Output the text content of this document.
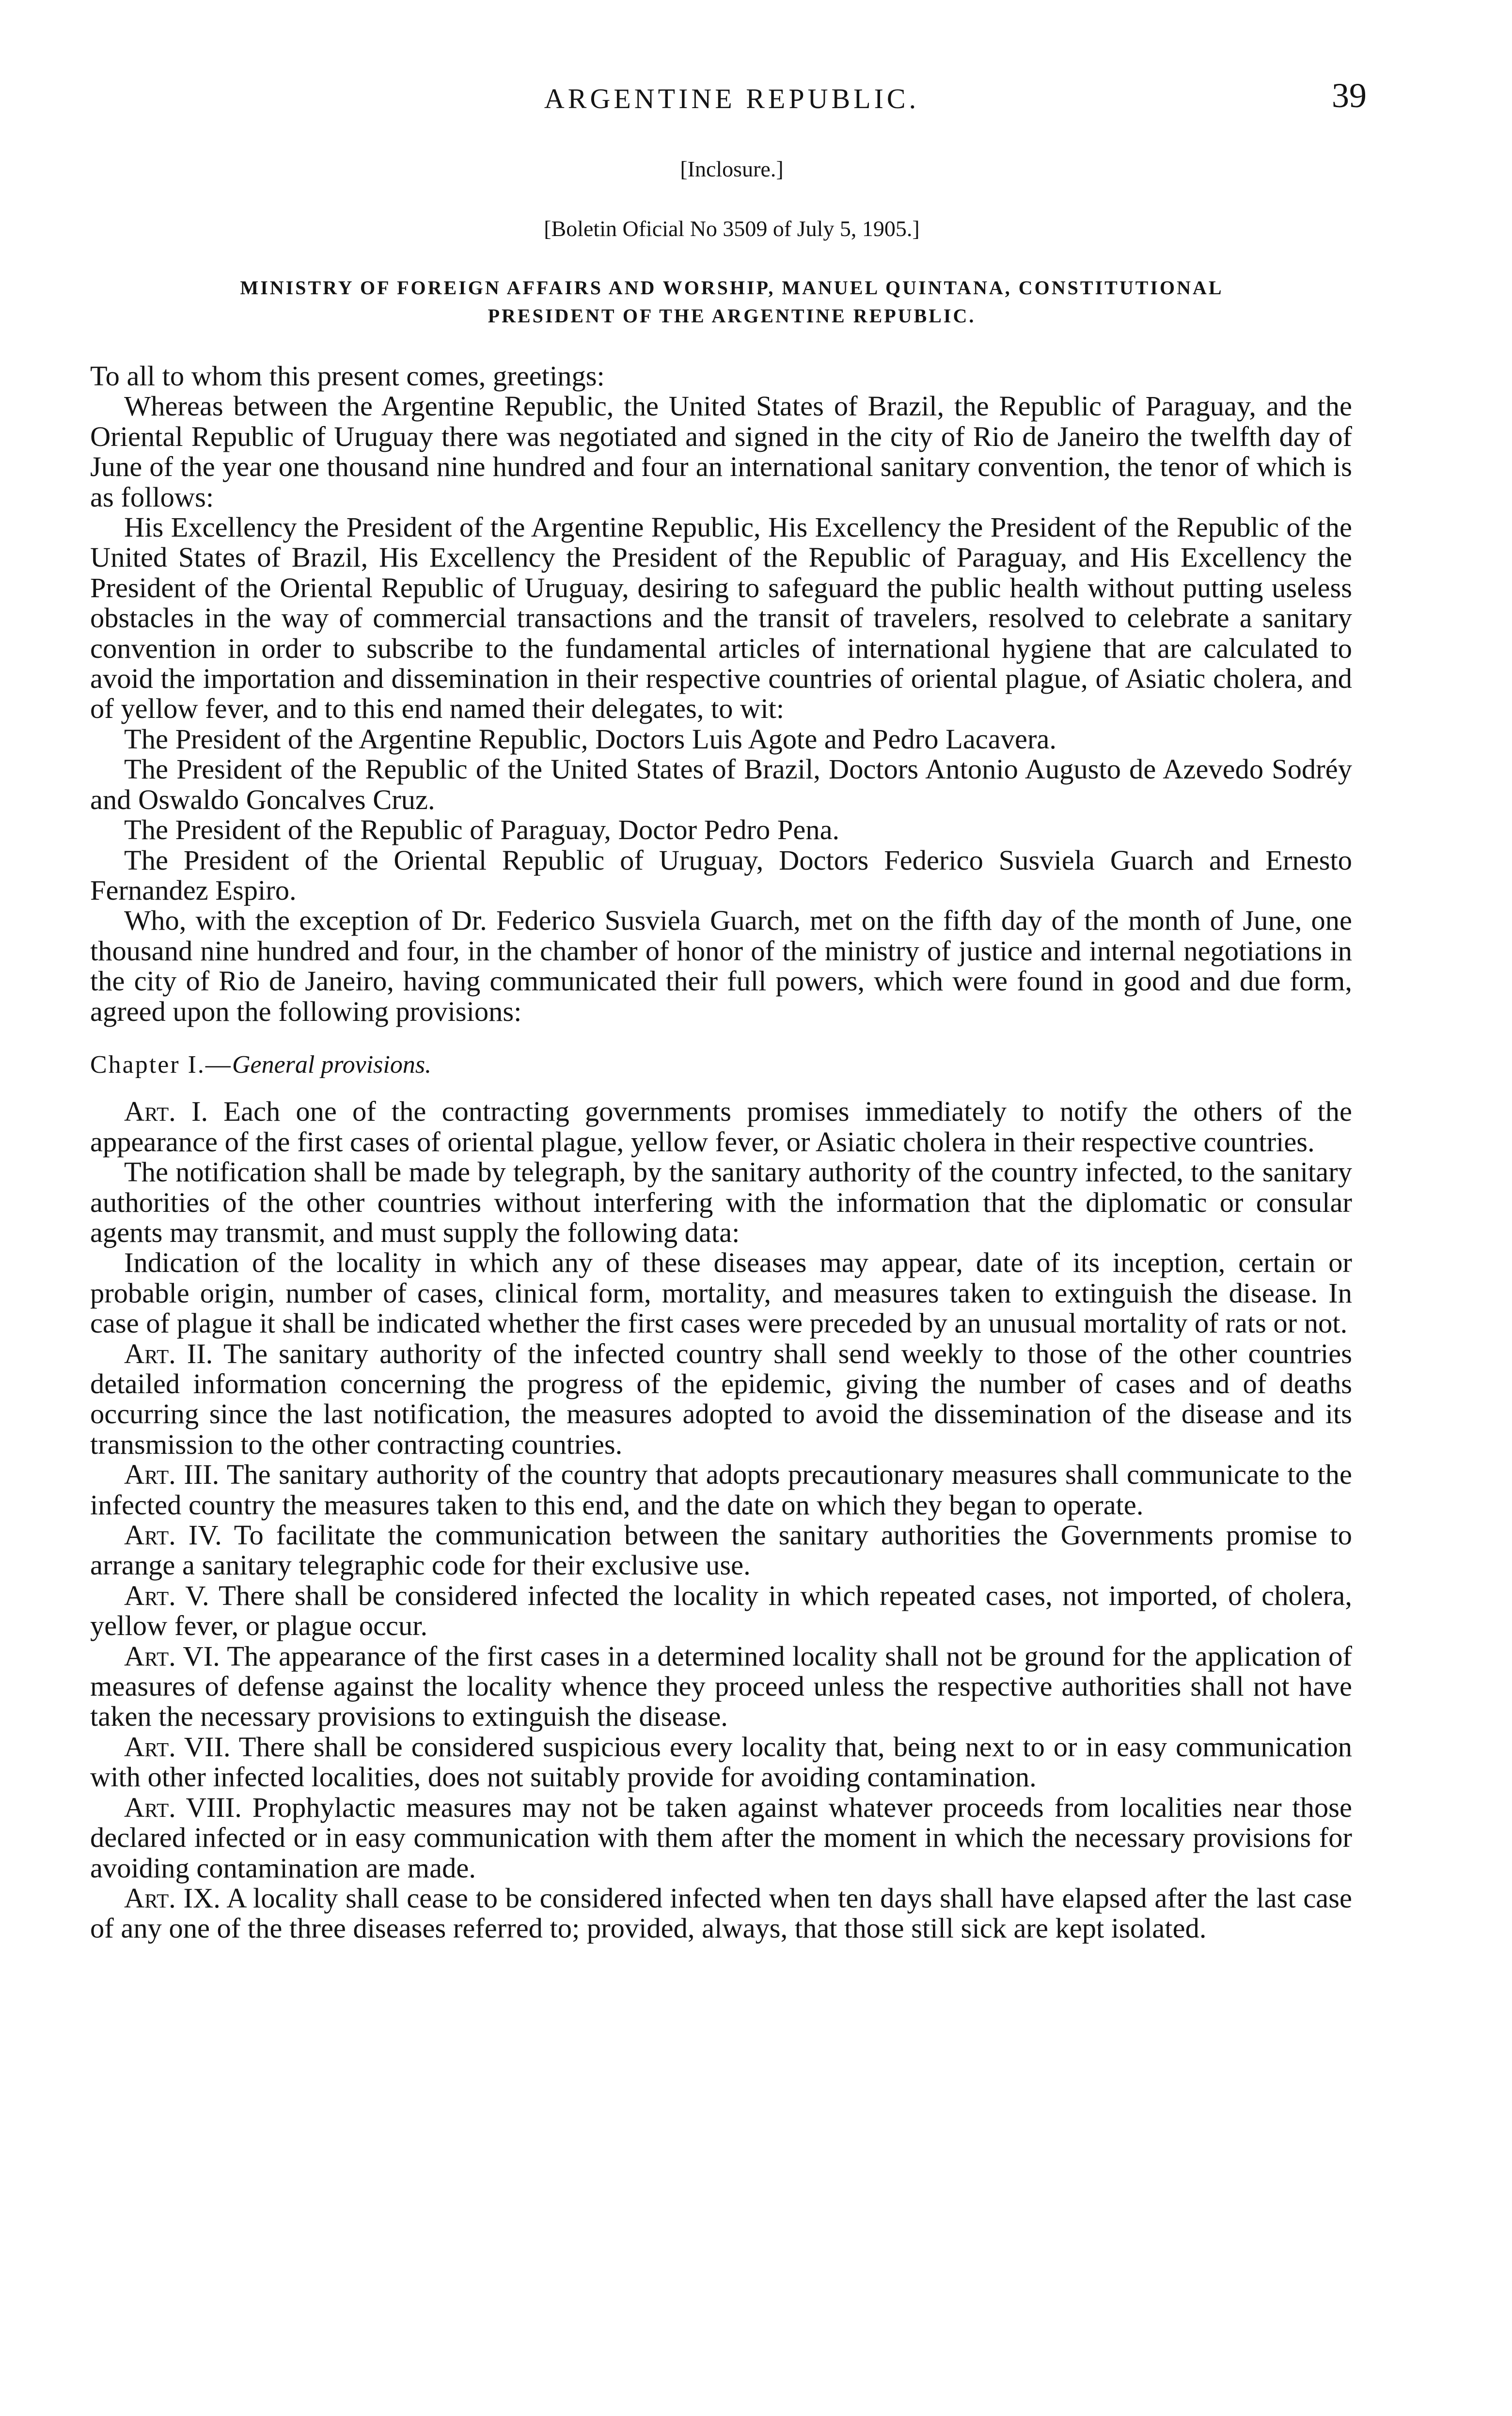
ARGENTINE REPUBLIC.	39
[Inclosure.]
[Boletin Oficial No 3509 of July 5, 1905.]
MINISTRY OF FOREIGN AFFAIRS AND WORSHIP, MANUEL QUINTANA, CONSTITUTIONAL
PRESIDENT OF THE ARGENTINE REPUBLIC.

To all to whom this present comes, greetings:

Whereas between the Argentine Republic, the United States of Brazil, the Republic of Paraguay, and the Oriental Republic of Uruguay there was negotiated and signed in the city of Rio de Janeiro the twelfth day of June of the year one thousand nine hundred and four an international sanitary convention, the tenor of which is as follows:

His Excellency the President of the Argentine Republic, His Excellency the President of the Republic of the United States of Brazil, His Excellency the President of the Republic of Paraguay, and His Excellency the President of the Oriental Republic of Uruguay, desiring to safeguard the public health without putting useless obstacles in the way of commercial transactions and the transit of travelers, resolved to celebrate a sanitary convention in order to subscribe to the fundamental articles of international hygiene that are calculated to avoid the importation and dissemination in their respective countries of oriental plague, of Asiatic cholera, and of yellow fever, and to this end named their delegates, to wit:

The President of the Argentine Republic, Doctors Luis Agote and Pedro Lacavera.

The President of the Republic of the United States of Brazil, Doctors Antonio Augusto de Azevedo Sodréy and Oswaldo Goncalves Cruz.

The President of the Republic of Paraguay, Doctor Pedro Pena.

The President of the Oriental Republic of Uruguay, Doctors Federico Susviela Guarch and Ernesto Fernandez Espiro.

Who, with the exception of Dr. Federico Susviela Guarch, met on the fifth day of the month of June, one thousand nine hundred and four, in the chamber of honor of the ministry of justice and internal negotiations in the city of Rio de Janeiro, having communicated their full powers, which were found in good and due form, agreed upon the following provisions:

Chapter I.—General provisions.

Art. I. Each one of the contracting governments promises immediately to notify the others of the appearance of the first cases of oriental plague, yellow fever, or Asiatic cholera in their respective countries.

The notification shall be made by telegraph, by the sanitary authority of the country infected, to the sanitary authorities of the other countries without interfering with the information that the diplomatic or consular agents may transmit, and must supply the following data:

Indication of the locality in which any of these diseases may appear, date of its inception, certain or probable origin, number of cases, clinical form, mortality, and measures taken to extinguish the disease. In case of plague it shall be indicated whether the first cases were preceded by an unusual mortality of rats or not.

Art. II. The sanitary authority of the infected country shall send weekly to those of the other countries detailed information concerning the progress of the epidemic, giving the number of cases and of deaths occurring since the last notification, the measures adopted to avoid the dissemination of the disease and its transmission to the other contracting countries.

Art. III. The sanitary authority of the country that adopts precautionary measures shall communicate to the infected country the measures taken to this end, and the date on which they began to operate.

Art. IV. To facilitate the communication between the sanitary authorities the Governments promise to arrange a sanitary telegraphic code for their exclusive use.

Art. V. There shall be considered infected the locality in which repeated cases, not imported, of cholera, yellow fever, or plague occur.

Art. VI. The appearance of the first cases in a determined locality shall not be ground for the application of measures of defense against the locality whence they proceed unless the respective authorities shall not have taken the necessary provisions to extinguish the disease.

Art. VII. There shall be considered suspicious every locality that, being next to or in easy communication with other infected localities, does not suitably provide for avoiding contamination.

Art. VIII. Prophylactic measures may not be taken against whatever proceeds from localities near those declared infected or in easy communication with them after the moment in which the necessary provisions for avoiding contamination are made.

Art. IX. A locality shall cease to be considered infected when ten days shall have elapsed after the last case of any one of the three diseases referred to; provided, always, that those still sick are kept isolated.
